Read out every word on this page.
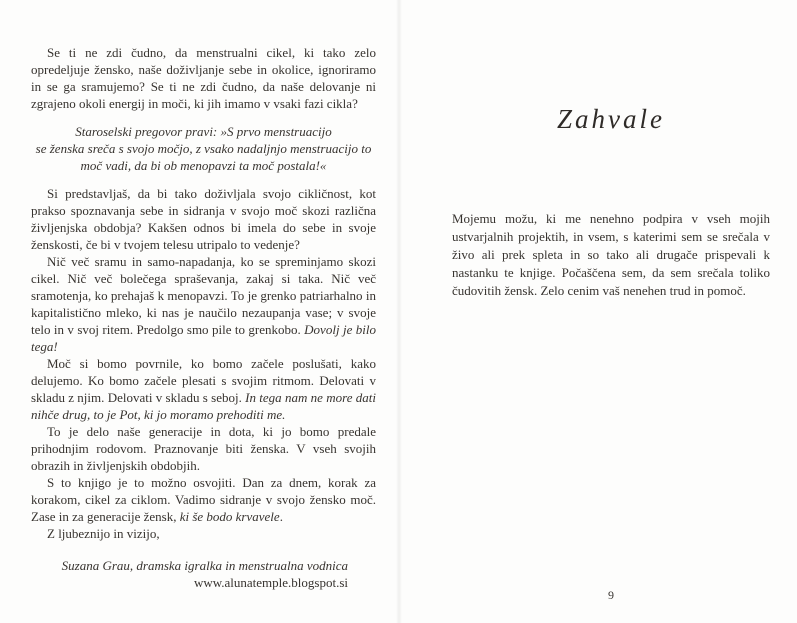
Se ti ne zdi čudno, da menstrualni cikel, ki tako zelo opredeljuje žensko, naše doživljanje sebe in okolice, ignoriramo in se ga sramujemo? Se ti ne zdi čudno, da naše delovanje ni zgrajeno okoli energij in moči, ki jih imamo v vsaki fazi cikla?

Staroselski pregovor pravi: »S prvo menstruacijo
se ženska sreča s svojo močjo, z vsako nadaljnjo menstruacijo to
moč vadi, da bi ob menopavzi ta moč postala!«

Si predstavljaš, da bi tako doživljala svojo cikličnost, kot prakso spoznavanja sebe in sidranja v svojo moč skozi različna življenjska obdobja? Kakšen odnos bi imela do sebe in svoje ženskosti, če bi v tvojem telesu utripalo to vedenje?

Nič več sramu in samo-napadanja, ko se spreminjamo skozi cikel. Nič več bolečega spraševanja, zakaj si taka. Nič več sramotenja, ko prehajaš k menopavzi. To je grenko patriarhalno in kapitalistično mleko, ki nas je naučilo nezaupanja vase; v svoje telo in v svoj ritem. Predolgo smo pile to grenkobo. Dovolj je bilo tega!

Moč si bomo povrnile, ko bomo začele poslušati, kako delujemo. Ko bomo začele plesati s svojim ritmom. Delovati v skladu z njim. Delovati v skladu s seboj. In tega nam ne more dati nihče drug, to je Pot, ki jo moramo prehoditi me.

To je delo naše generacije in dota, ki jo bomo predale prihodnjim rodovom. Praznovanje biti ženska. V vseh svojih obrazih in življenjskih obdobjih.

S to knjigo je to možno osvojiti. Dan za dnem, korak za korakom, cikel za ciklom. Vadimo sidranje v svojo žensko moč. Zase in za generacije žensk, ki še bodo krvavele.

Z ljubeznijo in vizijo,

Suzana Grau, dramska igralka in menstrualna vodnica
www.alunatemple.blogspot.si
Zahvale

Mojemu možu, ki me nenehno podpira v vseh mojih ustvarjalnih projektih, in vsem, s katerimi sem se srečala v živo ali prek spleta in so tako ali drugače prispevali k nastanku te knjige. Počaščena sem, da sem srečala toliko čudovitih žensk. Zelo cenim vaš nenehen trud in pomoč.

9
